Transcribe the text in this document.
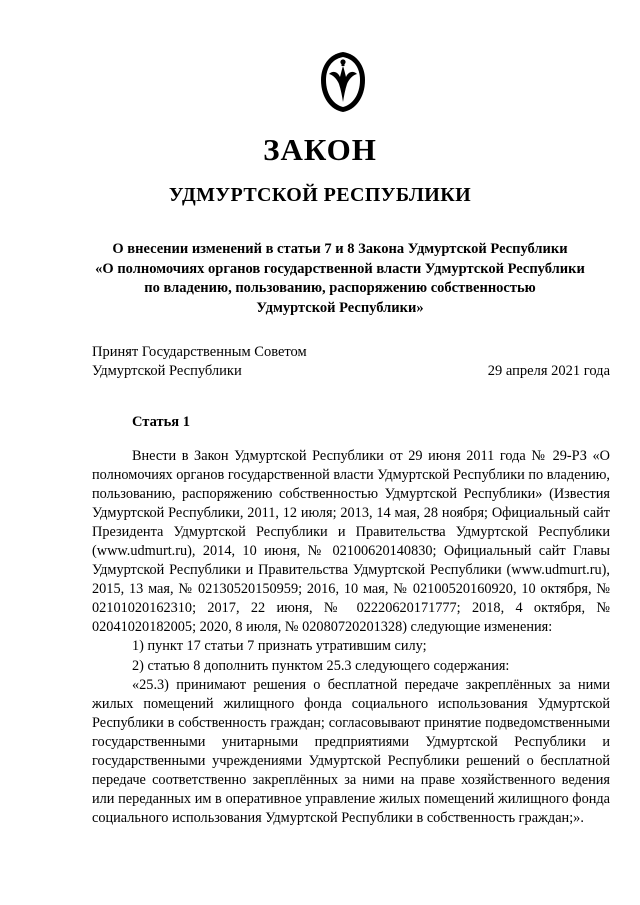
ЗАКОН
УДМУРТСКОЙ РЕСПУБЛИКИ
О внесении изменений в статьи 7 и 8 Закона Удмуртской Республики
«О полномочиях органов государственной власти Удмуртской Республики
по владению, пользованию, распоряжению собственностью
Удмуртской Республики»
Принят Государственным Советом
Удмуртской Республики	29 апреля 2021 года
Статья 1

Внести в Закон Удмуртской Республики от 29 июня 2011 года № 29-РЗ «О полномочиях органов государственной власти Удмуртской Республики по владению, пользованию, распоряжению собственностью Удмуртской Республики» (Известия Удмуртской Республики, 2011, 12 июля; 2013, 14 мая, 28 ноября; Официальный сайт Президента Удмуртской Республики и Правительства Удмуртской Республики (www.udmurt.ru), 2014, 10 июня, № 02100620140830; Официальный сайт Главы Удмуртской Республики и Правительства Удмуртской Республики (www.udmurt.ru), 2015, 13 мая, № 02130520150959; 2016, 10 мая, № 02100520160920, 10 октября, № 02101020162310; 2017, 22 июня, № 02220620171777; 2018, 4 октября, № 02041020182005; 2020, 8 июля, № 02080720201328) следующие изменения:

1) пункт 17 статьи 7 признать утратившим силу;

2) статью 8 дополнить пунктом 25.3 следующего содержания:

«25.3) принимают решения о бесплатной передаче закреплённых за ними жилых помещений жилищного фонда социального использования Удмуртской Республики в собственность граждан; согласовывают принятие подведомственными государственными унитарными предприятиями Удмуртской Республики и государственными учреждениями Удмуртской Республики решений о бесплатной передаче соответственно закреплённых за ними на праве хозяйственного ведения или переданных им в оперативное управление жилых помещений жилищного фонда социального использования Удмуртской Республики в собственность граждан;».
